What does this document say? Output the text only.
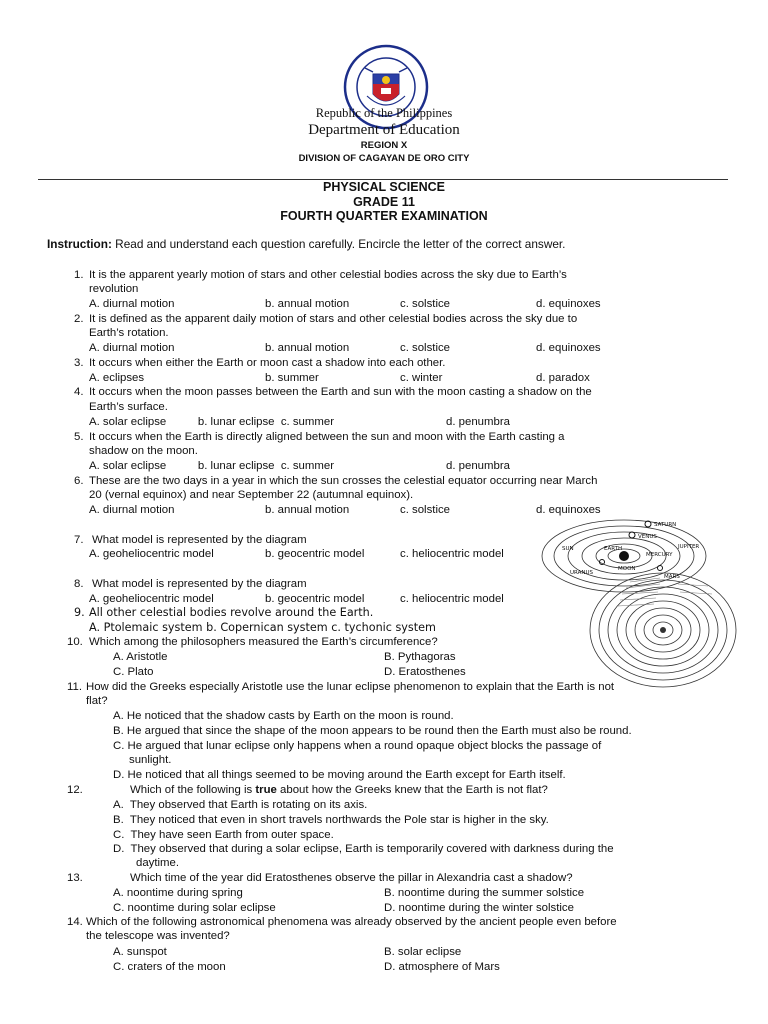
Republic of the Philippines
Department of Education
REGION X
DIVISION OF CAGAYAN DE ORO CITY
PHYSICAL SCIENCE
GRADE 11
FOURTH QUARTER EXAMINATION
Instruction: Read and understand each question carefully. Encircle the letter of the correct answer.
1. It is the apparent yearly motion of stars and other celestial bodies across the sky due to Earth’s
revolution
A. diurnal motion	b. annual motion	c. solstice	d. equinoxes
2. It is defined as the apparent daily motion of stars and other celestial bodies across the sky due to
Earth’s rotation.
A. diurnal motion	b. annual motion	c. solstice	d. equinoxes
3. It occurs when either the Earth or moon cast a shadow into each other.
A. eclipses	b. summer	c. winter	d. paradox
4. It occurs when the moon passes between the Earth and sun with the moon casting a shadow on the
Earth’s surface.
A. solar eclipse          b. lunar eclipse  c. summer	d. penumbra
5. It occurs when the Earth is directly aligned between the sun and moon with the Earth casting a
shadow on the moon.
A. solar eclipse          b. lunar eclipse  c. summer	d. penumbra
6. These are the two days in a year in which the sun crosses the celestial equator occurring near March
20 (vernal equinox) and near September 22 (autumnal equinox).
A. diurnal motion	b. annual motion	c. solstice	d. equinoxes
7. What model is represented by the diagram
A. geoheliocentric model	b. geocentric model	c. heliocentric model
SATURN
JUPITER
VENUS
MARS
SUN	EARTH
MERCURY
MOON
URANUS
8. What model is represented by the diagram
A. geoheliocentric model	b. geocentric model	c. heliocentric model
9. All other celestial bodies revolve around the Earth.
A. Ptolemaic system b. Copernican system c. tychonic system
10. Which among the philosophers measured the Earth’s circumference?
A. Aristotle	B. Pythagoras
C. Plato	D. Eratosthenes
11. How did the Greeks especially Aristotle use the lunar eclipse phenomenon to explain that the Earth is not
flat?
A. He noticed that the shadow casts by Earth on the moon is round.
B. He argued that since the shape of the moon appears to be round then the Earth must also be round.
C. He argued that lunar eclipse only happens when a round opaque object blocks the passage of
sunlight.
D. He noticed that all things seemed to be moving around the Earth except for Earth itself.
12.	Which of the following is true about how the Greeks knew that the Earth is not flat?
A.  They observed that Earth is rotating on its axis.
B.  They noticed that even in short travels northwards the Pole star is higher in the sky.
C.  They have seen Earth from outer space.
D.  They observed that during a solar eclipse, Earth is temporarily covered with darkness during the
daytime.
13.	Which time of the year did Eratosthenes observe the pillar in Alexandria cast a shadow?
A. noontime during spring	B. noontime during the summer solstice
C. noontime during solar eclipse	D. noontime during the winter solstice
14. Which of the following astronomical phenomena was already observed by the ancient people even before
the telescope was invented?
A. sunspot	B. solar eclipse
C. craters of the moon	D. atmosphere of Mars
